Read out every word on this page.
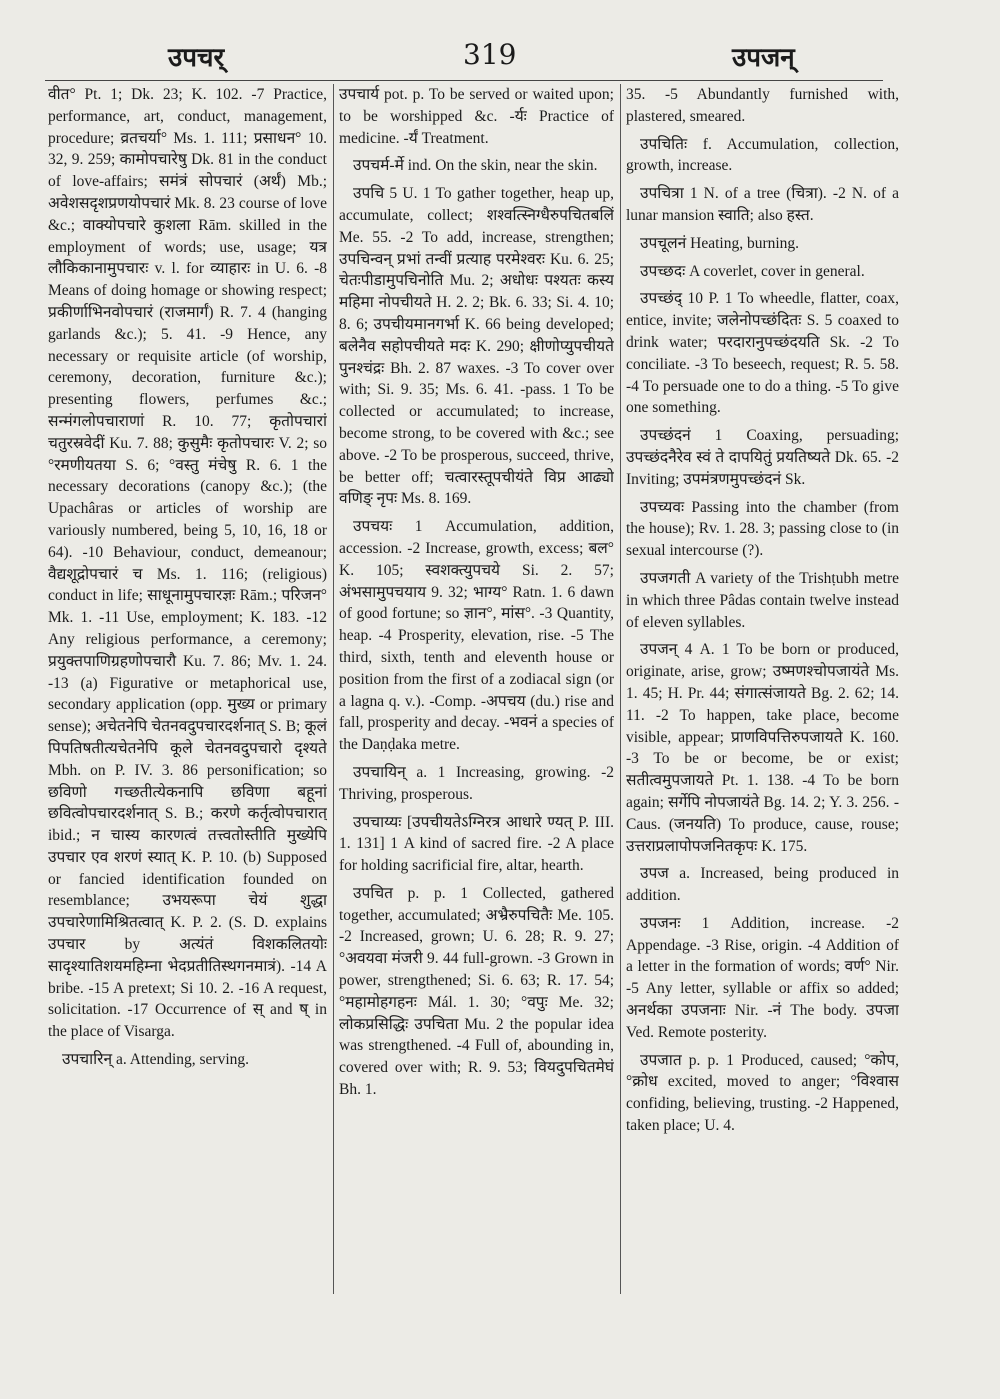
उपचर्	319	उपजन्

वीत° Pt. 1; Dk. 23; K. 102. -7 Practice, performance, art, conduct, management, procedure; व्रतचर्या° Ms. 1. 111; प्रसाधन° 10. 32, 9. 259; कामोपचारेषु Dk. 81 in the conduct of love-affairs; समंत्रं सोपचारं (अर्थं) Mb.; अवेशसदृशप्रणयोपचारं Mk. 8. 23 course of love &c.; वाक्योपचारे कुशला Rām. skilled in the employment of words; use, usage; यत्र लौकिकानामुपचारः v. l. for व्याहारः in U. 6. -8 Means of doing homage or showing respect; प्रकीर्णाभिनवोपचारं (राजमार्गं) R. 7. 4 (hanging garlands &c.); 5. 41. -9 Hence, any necessary or requisite article (of worship, ceremony, decoration, furniture &c.); presenting flowers, perfumes &c.; सन्मंगलोपचाराणां R. 10. 77; कृतोपचारां चतुरस्रवेदीं Ku. 7. 88; कुसुमैः कृतोपचारः V. 2; so °रमणीयतया S. 6; °वस्तु मंचेषु R. 6. 1 the necessary decorations (canopy &c.); (the Upachâras or articles of worship are variously numbered, being 5, 10, 16, 18 or 64). -10 Behaviour, conduct, demeanour; वैद्यशूद्रोपचारं च Ms. 1. 116; (religious) conduct in life; साधूनामुपचारज्ञः Rām.; परिजन° Mk. 1. -11 Use, employment; K. 183. -12 Any religious performance, a ceremony; प्रयुक्तपाणिग्रहणोपचारौ Ku. 7. 86; Mv. 1. 24. -13 (a) Figurative or metaphorical use, secondary application (opp. मुख्य or primary sense); अचेतनेपि चेतनवदुपचारदर्शनात् S. B; कूलं पिपतिषतीत्यचेतनेपि कूले चेतनवदुपचारो दृश्यते Mbh. on P. IV. 3. 86 personification; so छविणो गच्छतीत्येकनापि छविणा बहूनां छवित्वोपचारदर्शनात् S. B.; करणे कर्तृत्वोपचारात् ibid.; न चास्य कारणत्वं तत्त्वतोस्तीति मुख्येपि उपचार एव शरणं स्यात् K. P. 10. (b) Supposed or fancied identification founded on resemblance; उभयरूपा चेयं शुद्धा उपचारेणामिश्रितत्वात् K. P. 2. (S. D. explains उपचार by अत्यंतं विशकलितयोः सादृश्यातिशयमहिम्ना भेदप्रतीतिस्थगनमात्रं). -14 A bribe. -15 A pretext; Si 10. 2. -16 A request, solicitation. -17 Occurrence of स् and ष् in the place of Visarga.

उपचारिन् a. Attending, serving.

उपचार्य pot. p. To be served or waited upon; to be worshipped &c. -र्यः Practice of medicine. -र्यं Treatment.

उपचर्म-र्मे ind. On the skin, near the skin.

उपचि 5 U. 1 To gather together, heap up, accumulate, collect; शश्वत्स्निग्धैरुपचितबलिं Me. 55. -2 To add, increase, strengthen; उपचिन्वन् प्रभां तन्वीं प्रत्याह परमेश्वरः Ku. 6. 25; चेतःपीडामुपचिनोति Mu. 2; अधोधः पश्यतः कस्य महिमा नोपचीयते H. 2. 2; Bk. 6. 33; Si. 4. 10; 8. 6; उपचीयमानगर्भा K. 66 being developed; बलेनैव सहोपचीयते मदः K. 290; क्षीणोप्युपचीयते पुनश्चंद्रः Bh. 2. 87 waxes. -3 To cover over with; Si. 9. 35; Ms. 6. 41. -pass. 1 To be collected or accumulated; to increase, become strong, to be covered with &c.; see above. -2 To be prosperous, succeed, thrive, be better off; चत्वारस्तूपचीयंते विप्र आढ्यो वणिङ् नृपः Ms. 8. 169.

उपचयः 1 Accumulation, addition, accession. -2 Increase, growth, excess; बल° K. 105; स्वशक्त्युपचये Si. 2. 57; अंभसामुपचयाय 9. 32; भाग्य° Ratn. 1. 6 dawn of good fortune; so ज्ञान°, मांस°. -3 Quantity, heap. -4 Prosperity, elevation, rise. -5 The third, sixth, tenth and eleventh house or position from the first of a zodiacal sign (or a lagna q. v.). -Comp. -अपचय (du.) rise and fall, prosperity and decay. -भवनं a species of the Daṇḍaka metre.

उपचायिन् a. 1 Increasing, growing. -2 Thriving, prosperous.

उपचाय्यः [उपचीयतेऽग्निरत्र आधारे ण्यत् P. III. 1. 131] 1 A kind of sacred fire. -2 A place for holding sacrificial fire, altar, hearth.

उपचित p. p. 1 Collected, gathered together, accumulated; अभ्रैरुपचितैः Me. 105. -2 Increased, grown; U. 6. 28; R. 9. 27; °अवयवा मंजरी 9. 44 full-grown. -3 Grown in power, strengthened; Si. 6. 63; R. 17. 54; °महामोहगहनः Mál. 1. 30; °वपुः Me. 32; लोकप्रसिद्धिः उपचिता Mu. 2 the popular idea was strengthened. -4 Full of, abounding in, covered over with; R. 9. 53; वियदुपचितमेघं Bh. 1.

35. -5 Abundantly furnished with, plastered, smeared.

उपचितिः f. Accumulation, collection, growth, increase.

उपचित्रा 1 N. of a tree (चित्रा). -2 N. of a lunar mansion स्वाति; also हस्त.

उपचूलनं Heating, burning.

उपच्छदः A coverlet, cover in general.

उपच्छंद् 10 P. 1 To wheedle, flatter, coax, entice, invite; जलेनोपच्छंदितः S. 5 coaxed to drink water; परदारानुपच्छंदयति Sk. -2 To conciliate. -3 To beseech, request; R. 5. 58. -4 To persuade one to do a thing. -5 To give one something.

उपच्छंदनं 1 Coaxing, persuading; उपच्छंदनैरेव स्वं ते दापयितुं प्रयतिष्यते Dk. 65. -2 Inviting; उपमंत्रणमुपच्छंदनं Sk.

उपच्यवः Passing into the chamber (from the house); Rv. 1. 28. 3; passing close to (in sexual intercourse (?).

उपजगती A variety of the Trishṭubh metre in which three Pâdas contain twelve instead of eleven syllables.

उपजन् 4 A. 1 To be born or produced, originate, arise, grow; उष्मणश्चोपजायंते Ms. 1. 45; H. Pr. 44; संगात्संजायते Bg. 2. 62; 14. 11. -2 To happen, take place, become visible, appear; प्राणविपत्तिरुपजायते K. 160. -3 To be or become, be or exist; सतीत्वमुपजायते Pt. 1. 138. -4 To be born again; सर्गेपि नोपजायंते Bg. 14. 2; Y. 3. 256. -Caus. (जनयति) To produce, cause, rouse; उत्तराप्रलापोपजनितकृपः K. 175.

उपज a. Increased, being produced in addition.

उपजनः 1 Addition, increase. -2 Appendage. -3 Rise, origin. -4 Addition of a letter in the formation of words; वर्ण° Nir. -5 Any letter, syllable or affix so added; अनर्थका उपजनाः Nir. -नं The body. उपजा Ved. Remote posterity.

उपजात p. p. 1 Produced, caused; °कोप, °क्रोध excited, moved to anger; °विश्वास confiding, believing, trusting. -2 Happened, taken place; U. 4.
